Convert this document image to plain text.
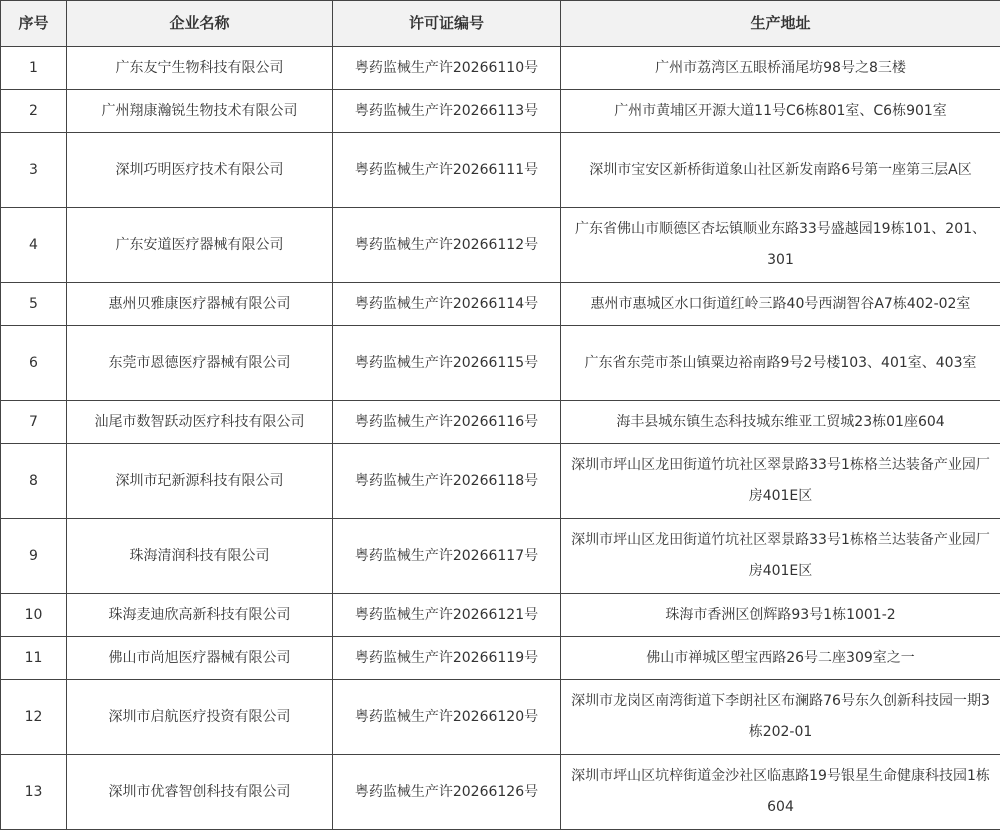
序号	企业名称	许可证编号	生产地址
1	广东友宁生物科技有限公司	粤药监械生产许20266110号	广州市荔湾区五眼桥涌尾坊98号之8三楼
2	广州翔康瀚锐生物技术有限公司	粤药监械生产许20266113号	广州市黄埔区开源大道11号C6栋801室、C6栋901室
3	深圳巧明医疗技术有限公司	粤药监械生产许20266111号	深圳市宝安区新桥街道象山社区新发南路6号第一座第三层A区
4	广东安道医疗器械有限公司	粤药监械生产许20266112号	广东省佛山市顺德区杏坛镇顺业东路33号盛越园19栋101、201、301
5	惠州贝雅康医疗器械有限公司	粤药监械生产许20266114号	惠州市惠城区水口街道红岭三路40号西湖智谷A7栋402-02室
6	东莞市恩德医疗器械有限公司	粤药监械生产许20266115号	广东省东莞市茶山镇粟边裕南路9号2号楼103、401室、403室
7	汕尾市数智跃动医疗科技有限公司	粤药监械生产许20266116号	海丰县城东镇生态科技城东维亚工贸城23栋01座604
8	深圳市玘新源科技有限公司	粤药监械生产许20266118号	深圳市坪山区龙田街道竹坑社区翠景路33号1栋格兰达装备产业园厂房401E区
9	珠海清润科技有限公司	粤药监械生产许20266117号	深圳市坪山区龙田街道竹坑社区翠景路33号1栋格兰达装备产业园厂房401E区
10	珠海麦迪欣高新科技有限公司	粤药监械生产许20266121号	珠海市香洲区创辉路93号1栋1001-2
11	佛山市尚旭医疗器械有限公司	粤药监械生产许20266119号	佛山市禅城区塱宝西路26号二座309室之一
12	深圳市启航医疗投资有限公司	粤药监械生产许20266120号	深圳市龙岗区南湾街道下李朗社区布澜路76号东久创新科技园一期3栋202-01
13	深圳市优睿智创科技有限公司	粤药监械生产许20266126号	深圳市坪山区坑梓街道金沙社区临惠路19号银星生命健康科技园1栋604
